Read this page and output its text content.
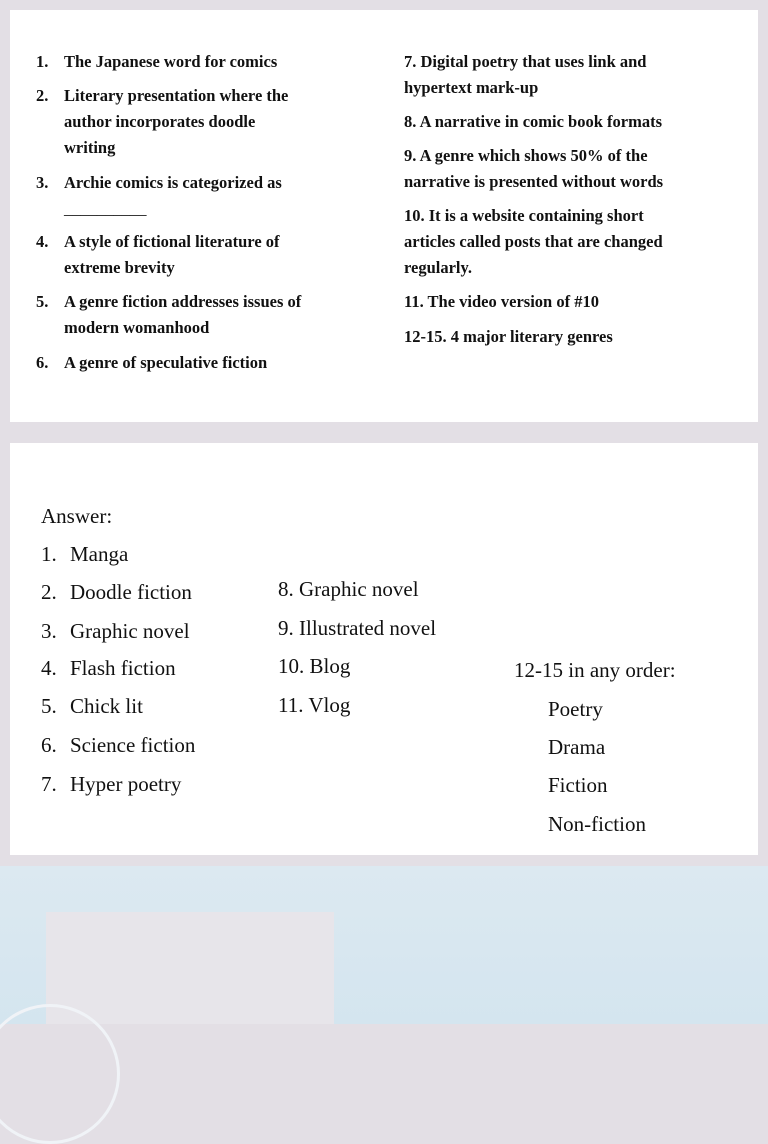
1. The Japanese word for comics
2. Literary presentation where the
author incorporates doodle
writing
3. Archie comics is categorized as
__________
4. A style of fictional literature of
extreme brevity
5. A genre fiction addresses issues of
modern womanhood
6. A genre of speculative fiction
7. Digital poetry that uses link and
hypertext mark-up
8. A narrative in comic book formats
9. A genre which shows 50% of the
narrative is presented without words
10. It is a website containing short
articles called posts that are changed
regularly.
11. The video version of #10
12-15. 4 major literary genres
Answer:
1. Manga
2. Doodle fiction
3. Graphic novel
4. Flash fiction
5. Chick lit
6. Science fiction
7. Hyper poetry
8. Graphic novel
9. Illustrated novel
10. Blog
11. Vlog
12-15 in any order:
Poetry
Drama
Fiction
Non-fiction
